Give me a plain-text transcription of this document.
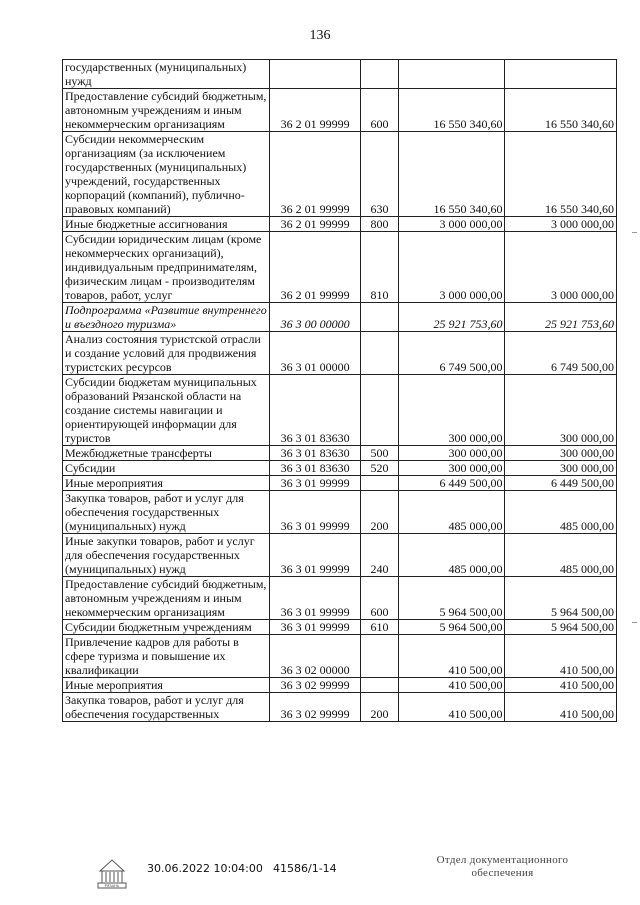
136
государственных (муниципальных) нужд				
Предоставление субсидий бюджетным, автономным учреждениям и иным некоммерческим организациям	36 2 01 99999	600	16 550 340,60	16 550 340,60
Субсидии некоммерческим организациям (за исключением государственных (муниципальных) учреждений, государственных корпораций (компаний), публично-правовых компаний)	36 2 01 99999	630	16 550 340,60	16 550 340,60
Иные бюджетные ассигнования	36 2 01 99999	800	3 000 000,00	3 000 000,00
Субсидии юридическим лицам (кроме некоммерческих организаций), индивидуальным предпринимателям, физическим лицам - производителям товаров, работ, услуг	36 2 01 99999	810	3 000 000,00	3 000 000,00
Подпрограмма «Развитие внутреннего и въездного туризма»	36 3 00 00000		25 921 753,60	25 921 753,60
Анализ состояния туристской отрасли и создание условий для продвижения туристских ресурсов	36 3 01 00000		6 749 500,00	6 749 500,00
Субсидии бюджетам муниципальных образований Рязанской области на создание системы навигации и ориентирующей информации для туристов	36 3 01 83630		300 000,00	300 000,00
Межбюджетные трансферты	36 3 01 83630	500	300 000,00	300 000,00
Субсидии	36 3 01 83630	520	300 000,00	300 000,00
Иные мероприятия	36 3 01 99999		6 449 500,00	6 449 500,00
Закупка товаров, работ и услуг для обеспечения государственных (муниципальных) нужд	36 3 01 99999	200	485 000,00	485 000,00
Иные закупки товаров, работ и услуг для обеспечения государственных (муниципальных) нужд	36 3 01 99999	240	485 000,00	485 000,00
Предоставление субсидий бюджетным, автономным учреждениям и иным некоммерческим организациям	36 3 01 99999	600	5 964 500,00	5 964 500,00
Субсидии бюджетным учреждениям	36 3 01 99999	610	5 964 500,00	5 964 500,00
Привлечение кадров для работы в сфере туризма и повышение их квалификации	36 3 02 00000		410 500,00	410 500,00
Иные мероприятия	36 3 02 99999		410 500,00	410 500,00
Закупка товаров, работ и услуг для обеспечения государственных	36 3 02 99999	200	410 500,00	410 500,00
РЯЗАНЬ
30.06.2022 10:04:00 41586/1-14
Отдел документационного
обеспечения
